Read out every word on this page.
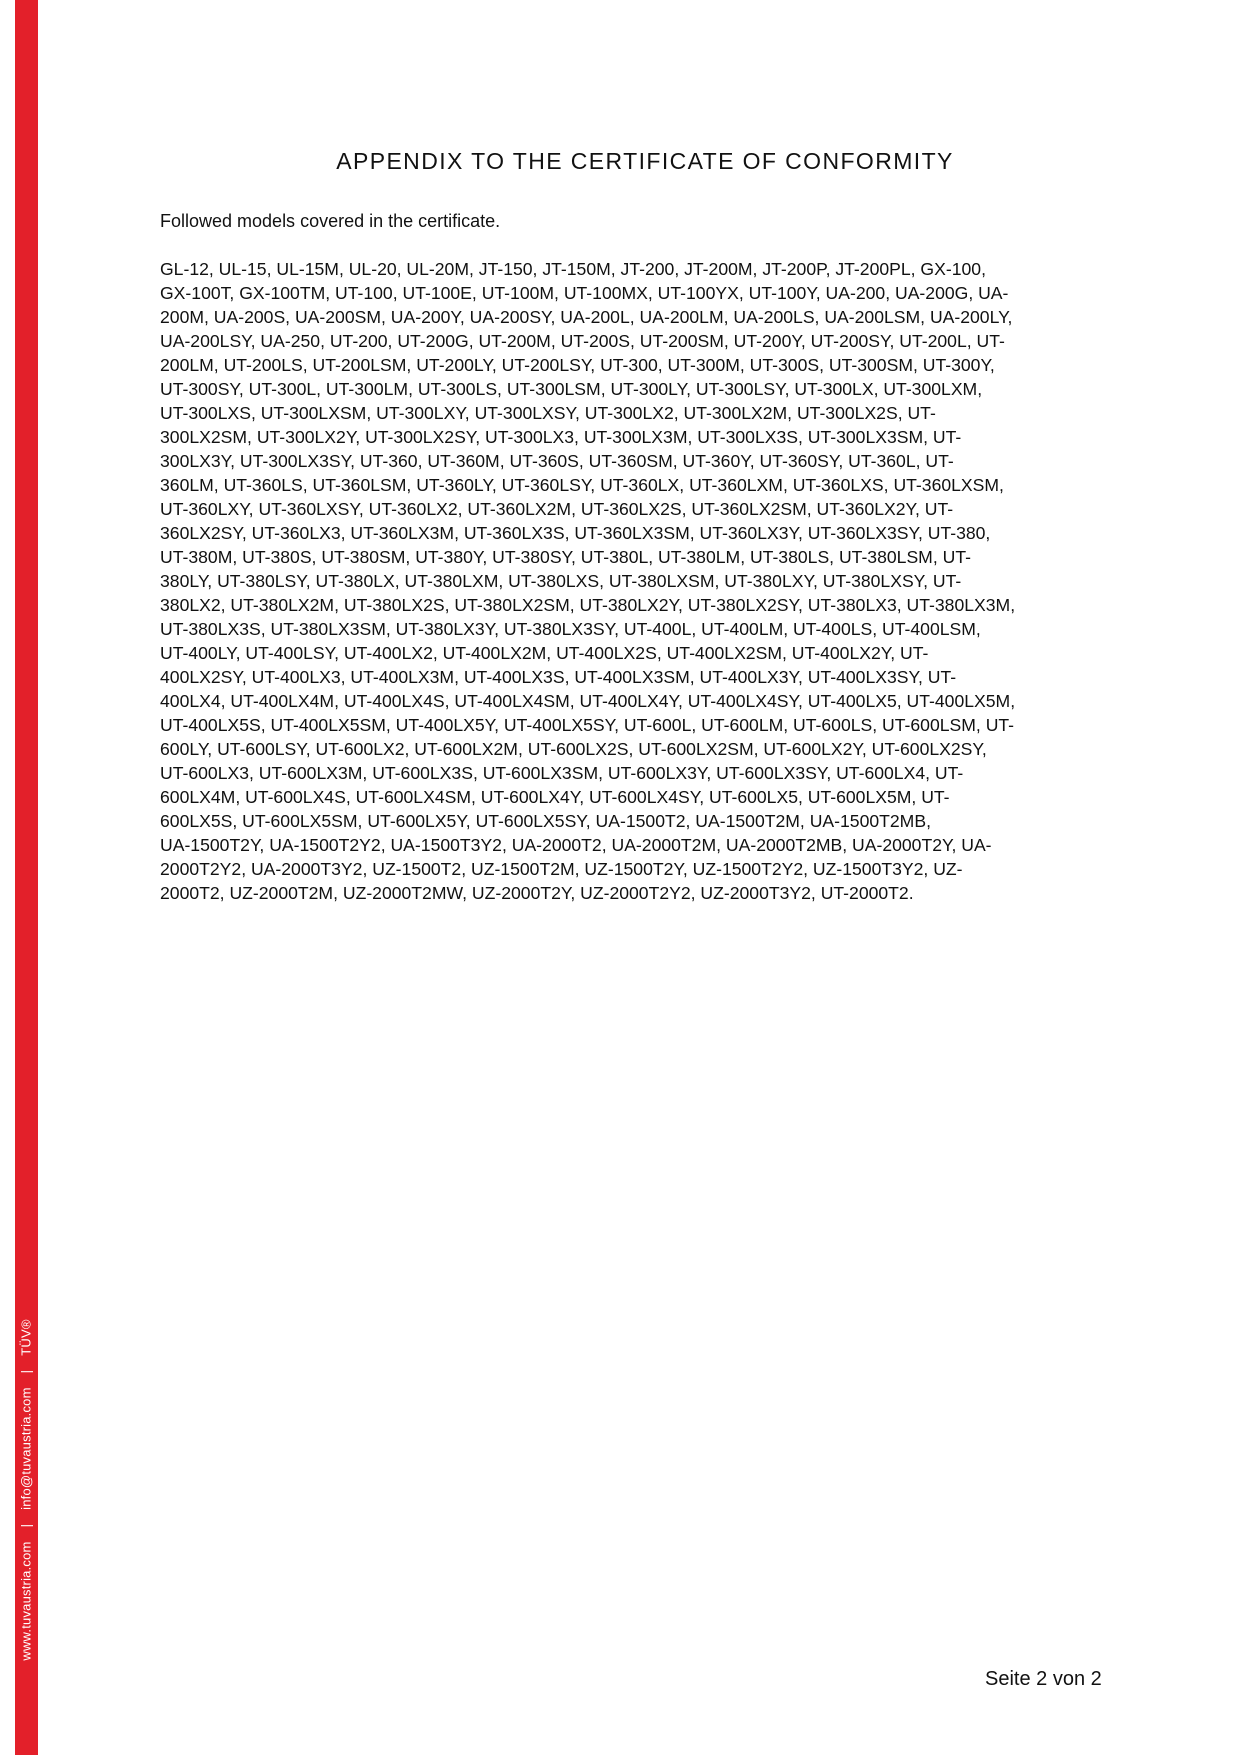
www.tuvaustria.com|info@tuvaustria.com|TÜV®
APPENDIX TO THE CERTIFICATE OF CONFORMITY
Followed models covered in the certificate.
GL-12, UL-15, UL-15M, UL-20, UL-20M, JT-150, JT-150M, JT-200, JT-200M, JT-200P, JT-200PL, GX-100,
GX-100T, GX-100TM, UT-100, UT-100E, UT-100M, UT-100MX, UT-100YX, UT-100Y, UA-200, UA-200G, UA-
200M, UA-200S, UA-200SM, UA-200Y, UA-200SY, UA-200L, UA-200LM, UA-200LS, UA-200LSM, UA-200LY,
UA-200LSY, UA-250, UT-200, UT-200G, UT-200M, UT-200S, UT-200SM, UT-200Y, UT-200SY, UT-200L, UT-
200LM, UT-200LS, UT-200LSM, UT-200LY, UT-200LSY, UT-300, UT-300M, UT-300S, UT-300SM, UT-300Y,
UT-300SY, UT-300L, UT-300LM, UT-300LS, UT-300LSM, UT-300LY, UT-300LSY, UT-300LX, UT-300LXM,
UT-300LXS, UT-300LXSM, UT-300LXY, UT-300LXSY, UT-300LX2, UT-300LX2M, UT-300LX2S, UT-
300LX2SM, UT-300LX2Y, UT-300LX2SY, UT-300LX3, UT-300LX3M, UT-300LX3S, UT-300LX3SM, UT-
300LX3Y, UT-300LX3SY, UT-360, UT-360M, UT-360S, UT-360SM, UT-360Y, UT-360SY, UT-360L, UT-
360LM, UT-360LS, UT-360LSM, UT-360LY, UT-360LSY, UT-360LX, UT-360LXM, UT-360LXS, UT-360LXSM,
UT-360LXY, UT-360LXSY, UT-360LX2, UT-360LX2M, UT-360LX2S, UT-360LX2SM, UT-360LX2Y, UT-
360LX2SY, UT-360LX3, UT-360LX3M, UT-360LX3S, UT-360LX3SM, UT-360LX3Y, UT-360LX3SY, UT-380,
UT-380M, UT-380S, UT-380SM, UT-380Y, UT-380SY, UT-380L, UT-380LM, UT-380LS, UT-380LSM, UT-
380LY, UT-380LSY, UT-380LX, UT-380LXM, UT-380LXS, UT-380LXSM, UT-380LXY, UT-380LXSY, UT-
380LX2, UT-380LX2M, UT-380LX2S, UT-380LX2SM, UT-380LX2Y, UT-380LX2SY, UT-380LX3, UT-380LX3M,
UT-380LX3S, UT-380LX3SM, UT-380LX3Y, UT-380LX3SY, UT-400L, UT-400LM, UT-400LS, UT-400LSM,
UT-400LY, UT-400LSY, UT-400LX2, UT-400LX2M, UT-400LX2S, UT-400LX2SM, UT-400LX2Y, UT-
400LX2SY, UT-400LX3, UT-400LX3M, UT-400LX3S, UT-400LX3SM, UT-400LX3Y, UT-400LX3SY, UT-
400LX4, UT-400LX4M, UT-400LX4S, UT-400LX4SM, UT-400LX4Y, UT-400LX4SY, UT-400LX5, UT-400LX5M,
UT-400LX5S, UT-400LX5SM, UT-400LX5Y, UT-400LX5SY, UT-600L, UT-600LM, UT-600LS, UT-600LSM, UT-
600LY, UT-600LSY, UT-600LX2, UT-600LX2M, UT-600LX2S, UT-600LX2SM, UT-600LX2Y, UT-600LX2SY,
UT-600LX3, UT-600LX3M, UT-600LX3S, UT-600LX3SM, UT-600LX3Y, UT-600LX3SY, UT-600LX4, UT-
600LX4M, UT-600LX4S, UT-600LX4SM, UT-600LX4Y, UT-600LX4SY, UT-600LX5, UT-600LX5M, UT-
600LX5S, UT-600LX5SM, UT-600LX5Y, UT-600LX5SY, UA-1500T2, UA-1500T2M, UA-1500T2MB,
UA-1500T2Y, UA-1500T2Y2, UA-1500T3Y2, UA-2000T2, UA-2000T2M, UA-2000T2MB, UA-2000T2Y, UA-
2000T2Y2, UA-2000T3Y2, UZ-1500T2, UZ-1500T2M, UZ-1500T2Y, UZ-1500T2Y2, UZ-1500T3Y2, UZ-
2000T2, UZ-2000T2M, UZ-2000T2MW, UZ-2000T2Y, UZ-2000T2Y2, UZ-2000T3Y2, UT-2000T2.
Seite 2 von 2
